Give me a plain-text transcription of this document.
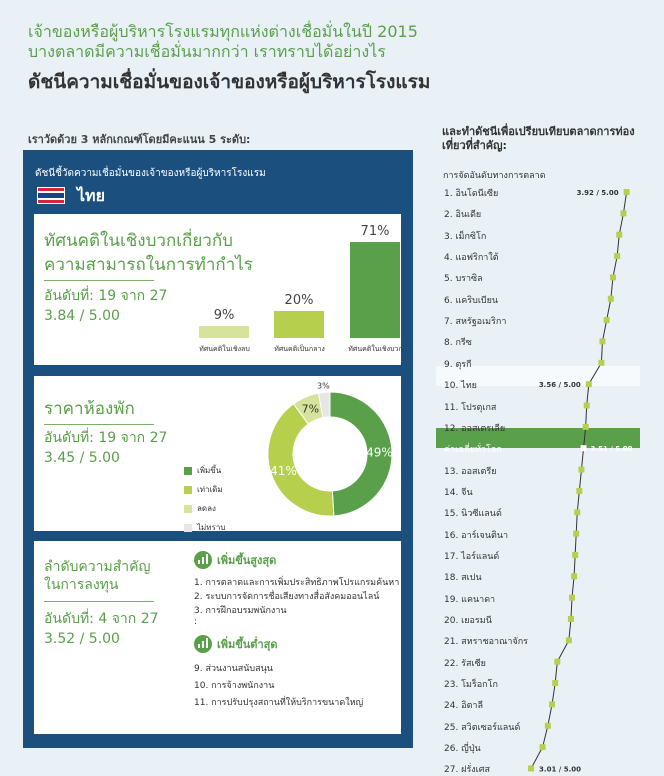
เจ้าของหรือผู้บริหารโรงแรมทุกแห่งต่างเชื่อมั่นในปี 2015
บางตลาดมีความเชื่อมั่นมากกว่า เราทราบได้อย่างไร
ดัชนีความเชื่อมั่นของเจ้าของหรือผู้บริหารโรงแรม
เราวัดด้วย 3 หลักเกณฑ์โดยมีคะแนน 5 ระดับ:
ดัชนีชี้วัดความเชื่อมั่นของเจ้าของหรือผู้บริหารโรงแรม
ไทย
ทัศนคติในเชิงบวกเกี่ยวกับ
ความสามารถในการทำกำไร
อันดับที่: 19 จาก 27
3.84 / 5.00	9%
ทัศนคติในเชิงลบ
20%
ทัศนคติเป็นกลาง
71%
ทัศนคติในเชิงบวก
ราคาห้องพัก
อันดับที่: 19 จาก 27
3.45 / 5.00
เพิ่มขึ้น
เท่าเดิม
ลดลง
ไม่ทราบ
49%
41%
7%
3%
ลำดับความสำคัญ
ในการลงทุน
อันดับที่: 4 จาก 27
3.52 / 5.00
เพิ่มขึ้นสูงสุด
1. การตลาดและการเพิ่มประสิทธิภาพโปรแกรมค้นหา
2. ระบบการจัดการชื่อเสียงทางสื่อสังคมออนไลน์
3. การฝึกอบรมพนักงาน
:
เพิ่มขึ้นต่ำสุด
9. ส่วนงานสนับสนุน
10. การจ้างพนักงาน
11. การปรับปรุงสถานที่ให้บริการขนาดใหญ่
และทำดัชนีเพื่อเปรียบเทียบตลาดการท่องเที่ยวที่สำคัญ:
การจัดอันดับทางการตลาด
1. อินโดนีเซีย
2. อินเดีย
3. เม็กซิโก
4. แอฟริกาใต้
5. บราซิล
6. แคริบเบียน
7. สหรัฐอเมริกา
8. กรีซ
9. ตุรกี
10. ไทย
11. โปรตุเกส
12. ออสเตรเลีย
ค่าเฉลี่ยทั่วโลก
13. ออสเตรีย
14. จีน
15. นิวซีแลนด์
16. อาร์เจนตินา
17. ไอร์แลนด์
18. สเปน
19. แคนาดา
20. เยอรมนี
21. สหราชอาณาจักร
22. รัสเซีย
23. โมร็อกโก
24. อิตาลี
25. สวิตเซอร์แลนด์
26. ญี่ปุ่น
27. ฝรั่งเศส
3.92 / 5.00
3.56 / 5.00
3.51 / 5.00
3.01 / 5.00
